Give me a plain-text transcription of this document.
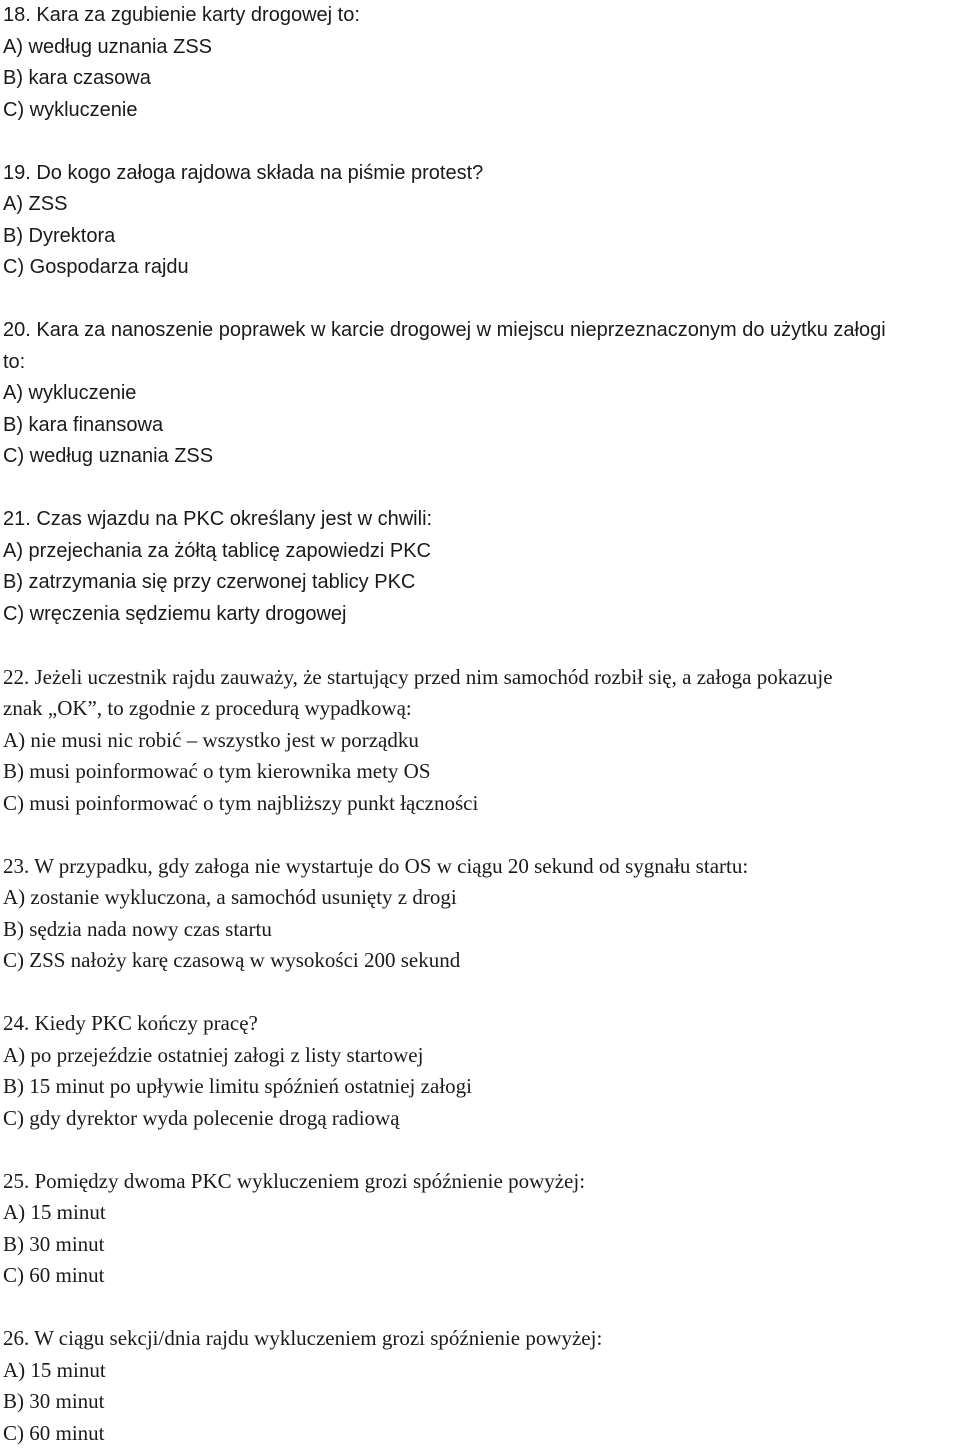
18. Kara za zgubienie karty drogowej to:
A) według uznania ZSS
B) kara czasowa
C) wykluczenie
19. Do kogo załoga rajdowa składa na piśmie protest?
A) ZSS
B) Dyrektora
C) Gospodarza rajdu
20. Kara za nanoszenie poprawek w karcie drogowej w miejscu nieprzeznaczonym do użytku załogi
to:
A) wykluczenie
B) kara finansowa
C) według uznania ZSS
21. Czas wjazdu na PKC określany jest w chwili:
A) przejechania za żółtą tablicę zapowiedzi PKC
B) zatrzymania się przy czerwonej tablicy PKC
C) wręczenia sędziemu karty drogowej
22. Jeżeli uczestnik rajdu zauważy, że startujący przed nim samochód rozbił się, a załoga pokazuje
znak „OK”, to zgodnie z procedurą wypadkową:
A) nie musi nic robić – wszystko jest w porządku
B) musi poinformować o tym kierownika mety OS
C) musi poinformować o tym najbliższy punkt łączności
23. W przypadku, gdy załoga nie wystartuje do OS w ciągu 20 sekund od sygnału startu:
A) zostanie wykluczona, a samochód usunięty z drogi
B) sędzia nada nowy czas startu
C) ZSS nałoży karę czasową w wysokości 200 sekund
24. Kiedy PKC kończy pracę?
A) po przejeździe ostatniej załogi z listy startowej
B) 15 minut po upływie limitu spóźnień ostatniej załogi
C) gdy dyrektor wyda polecenie drogą radiową
25. Pomiędzy dwoma PKC wykluczeniem grozi spóźnienie powyżej:
A) 15 minut
B) 30 minut
C) 60 minut
26. W ciągu sekcji/dnia rajdu wykluczeniem grozi spóźnienie powyżej:
A) 15 minut
B) 30 minut
C) 60 minut
